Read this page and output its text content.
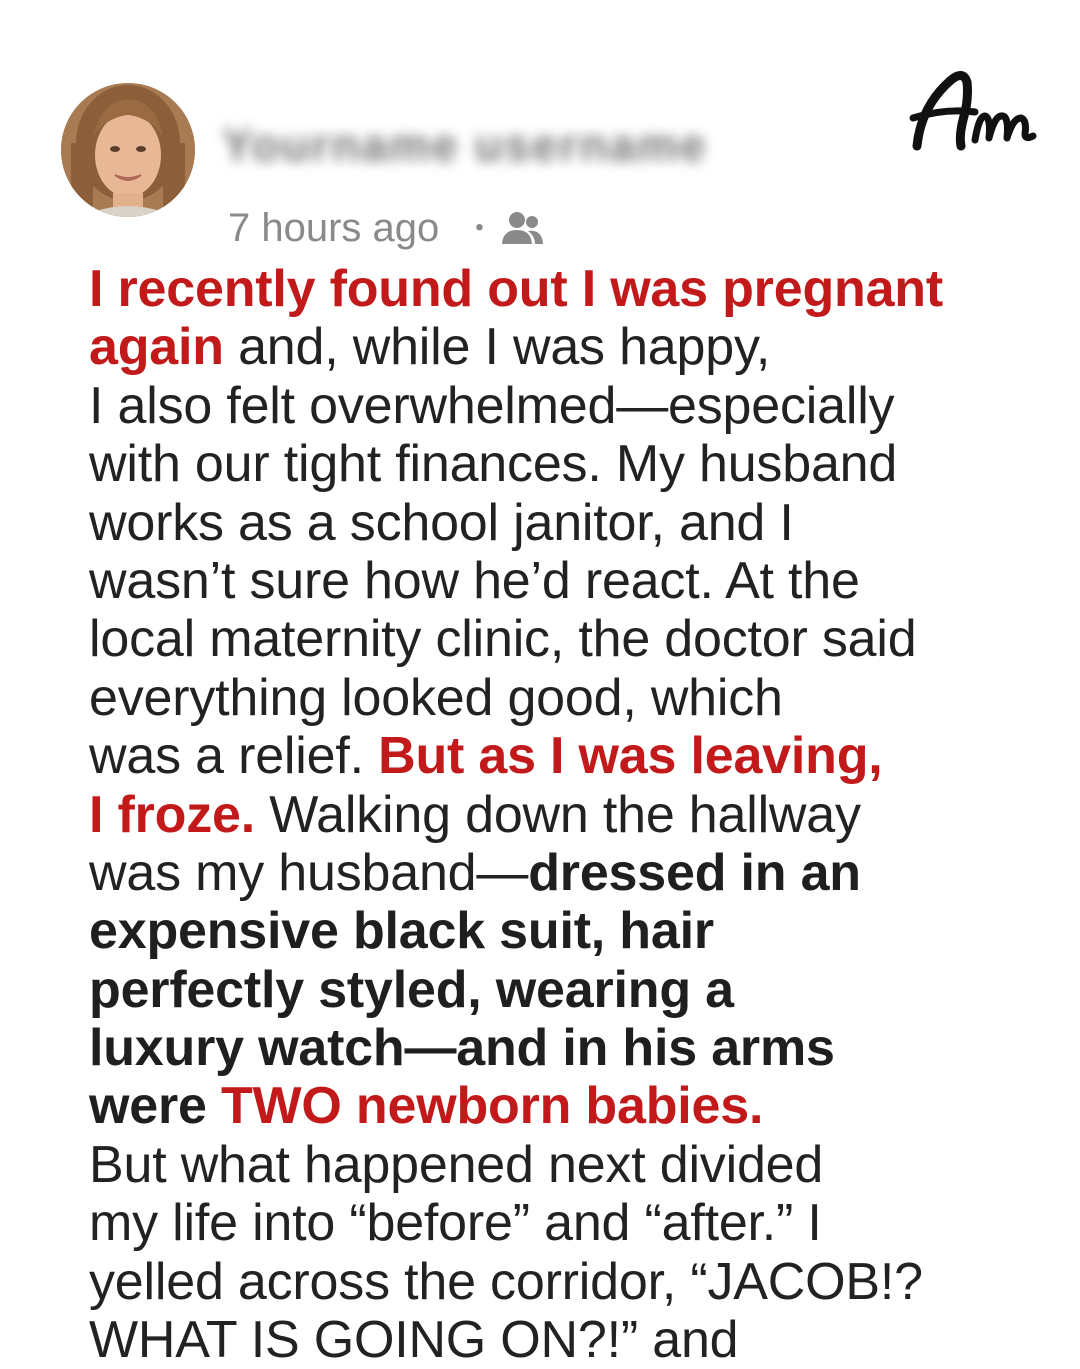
Yourname username
7 hours ago •

I recently found out I was pregnant
again and, while I was happy,
I also felt overwhelmed—especially
with our tight finances. My husband
works as a school janitor, and I
wasn’t sure how he’d react. At the
local maternity clinic, the doctor said
everything looked good, which
was a relief. But as I was leaving,
I froze. Walking down the hallway
was my husband—dressed in an
expensive black suit, hair
perfectly styled, wearing a
luxury watch—and in his arms
were TWO newborn babies.
But what happened next divided
my life into “before” and “after.” I
yelled across the corridor, “JACOB!?
WHAT IS GOING ON?!” and
